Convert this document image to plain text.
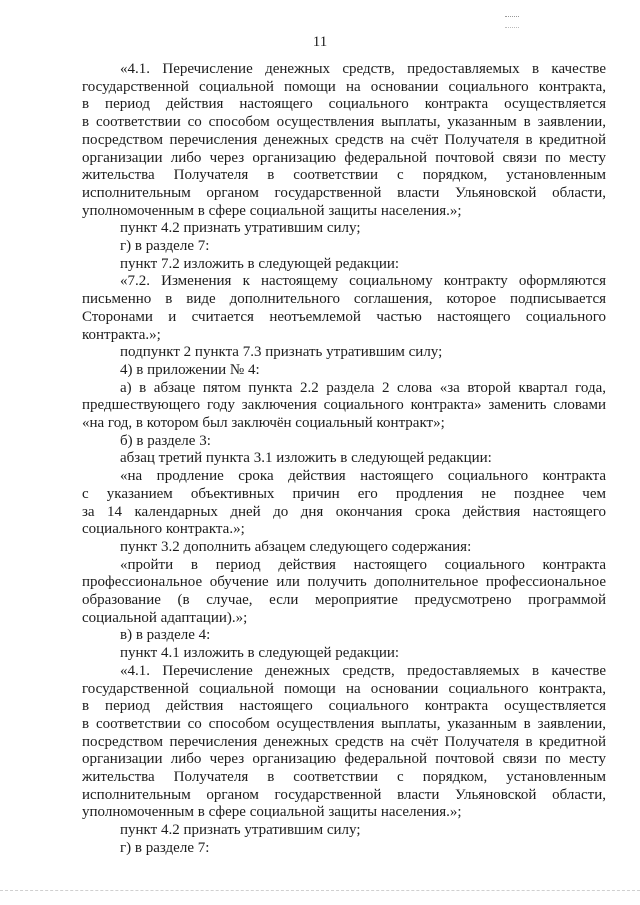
11
«4.1. Перечисление денежных средств, предоставляемых в качестве
государственной социальной помощи на основании социального контракта,
в период действия настоящего социального контракта осуществляется
в соответствии со способом осуществления выплаты, указанным в заявлении,
посредством перечисления денежных средств на счёт Получателя в кредитной
организации либо через организацию федеральной почтовой связи по месту
жительства Получателя в соответствии с порядком, установленным
исполнительным органом государственной власти Ульяновской области,
уполномоченным в сфере социальной защиты населения.»;
пункт 4.2 признать утратившим силу;
г) в разделе 7:
пункт 7.2 изложить в следующей редакции:
«7.2. Изменения к настоящему социальному контракту оформляются
письменно в виде дополнительного соглашения, которое подписывается
Сторонами и считается неотъемлемой частью настоящего социального
контракта.»;
подпункт 2 пункта 7.3 признать утратившим силу;
4) в приложении № 4:
а) в абзаце пятом пункта 2.2 раздела 2 слова «за второй квартал года,
предшествующего году заключения социального контракта» заменить словами
«на год, в котором был заключён социальный контракт»;
б) в разделе 3:
абзац третий пункта 3.1 изложить в следующей редакции:
«на продление срока действия настоящего социального контракта
с указанием объективных причин его продления не позднее чем
за 14 календарных дней до дня окончания срока действия настоящего
социального контракта.»;
пункт 3.2 дополнить абзацем следующего содержания:
«пройти в период действия настоящего социального контракта
профессиональное обучение или получить дополнительное профессиональное
образование (в случае, если мероприятие предусмотрено программой
социальной адаптации).»;
в) в разделе 4:
пункт 4.1 изложить в следующей редакции:
«4.1. Перечисление денежных средств, предоставляемых в качестве
государственной социальной помощи на основании социального контракта,
в период действия настоящего социального контракта осуществляется
в соответствии со способом осуществления выплаты, указанным в заявлении,
посредством перечисления денежных средств на счёт Получателя в кредитной
организации либо через организацию федеральной почтовой связи по месту
жительства Получателя в соответствии с порядком, установленным
исполнительным органом государственной власти Ульяновской области,
уполномоченным в сфере социальной защиты населения.»;
пункт 4.2 признать утратившим силу;
г) в разделе 7:
